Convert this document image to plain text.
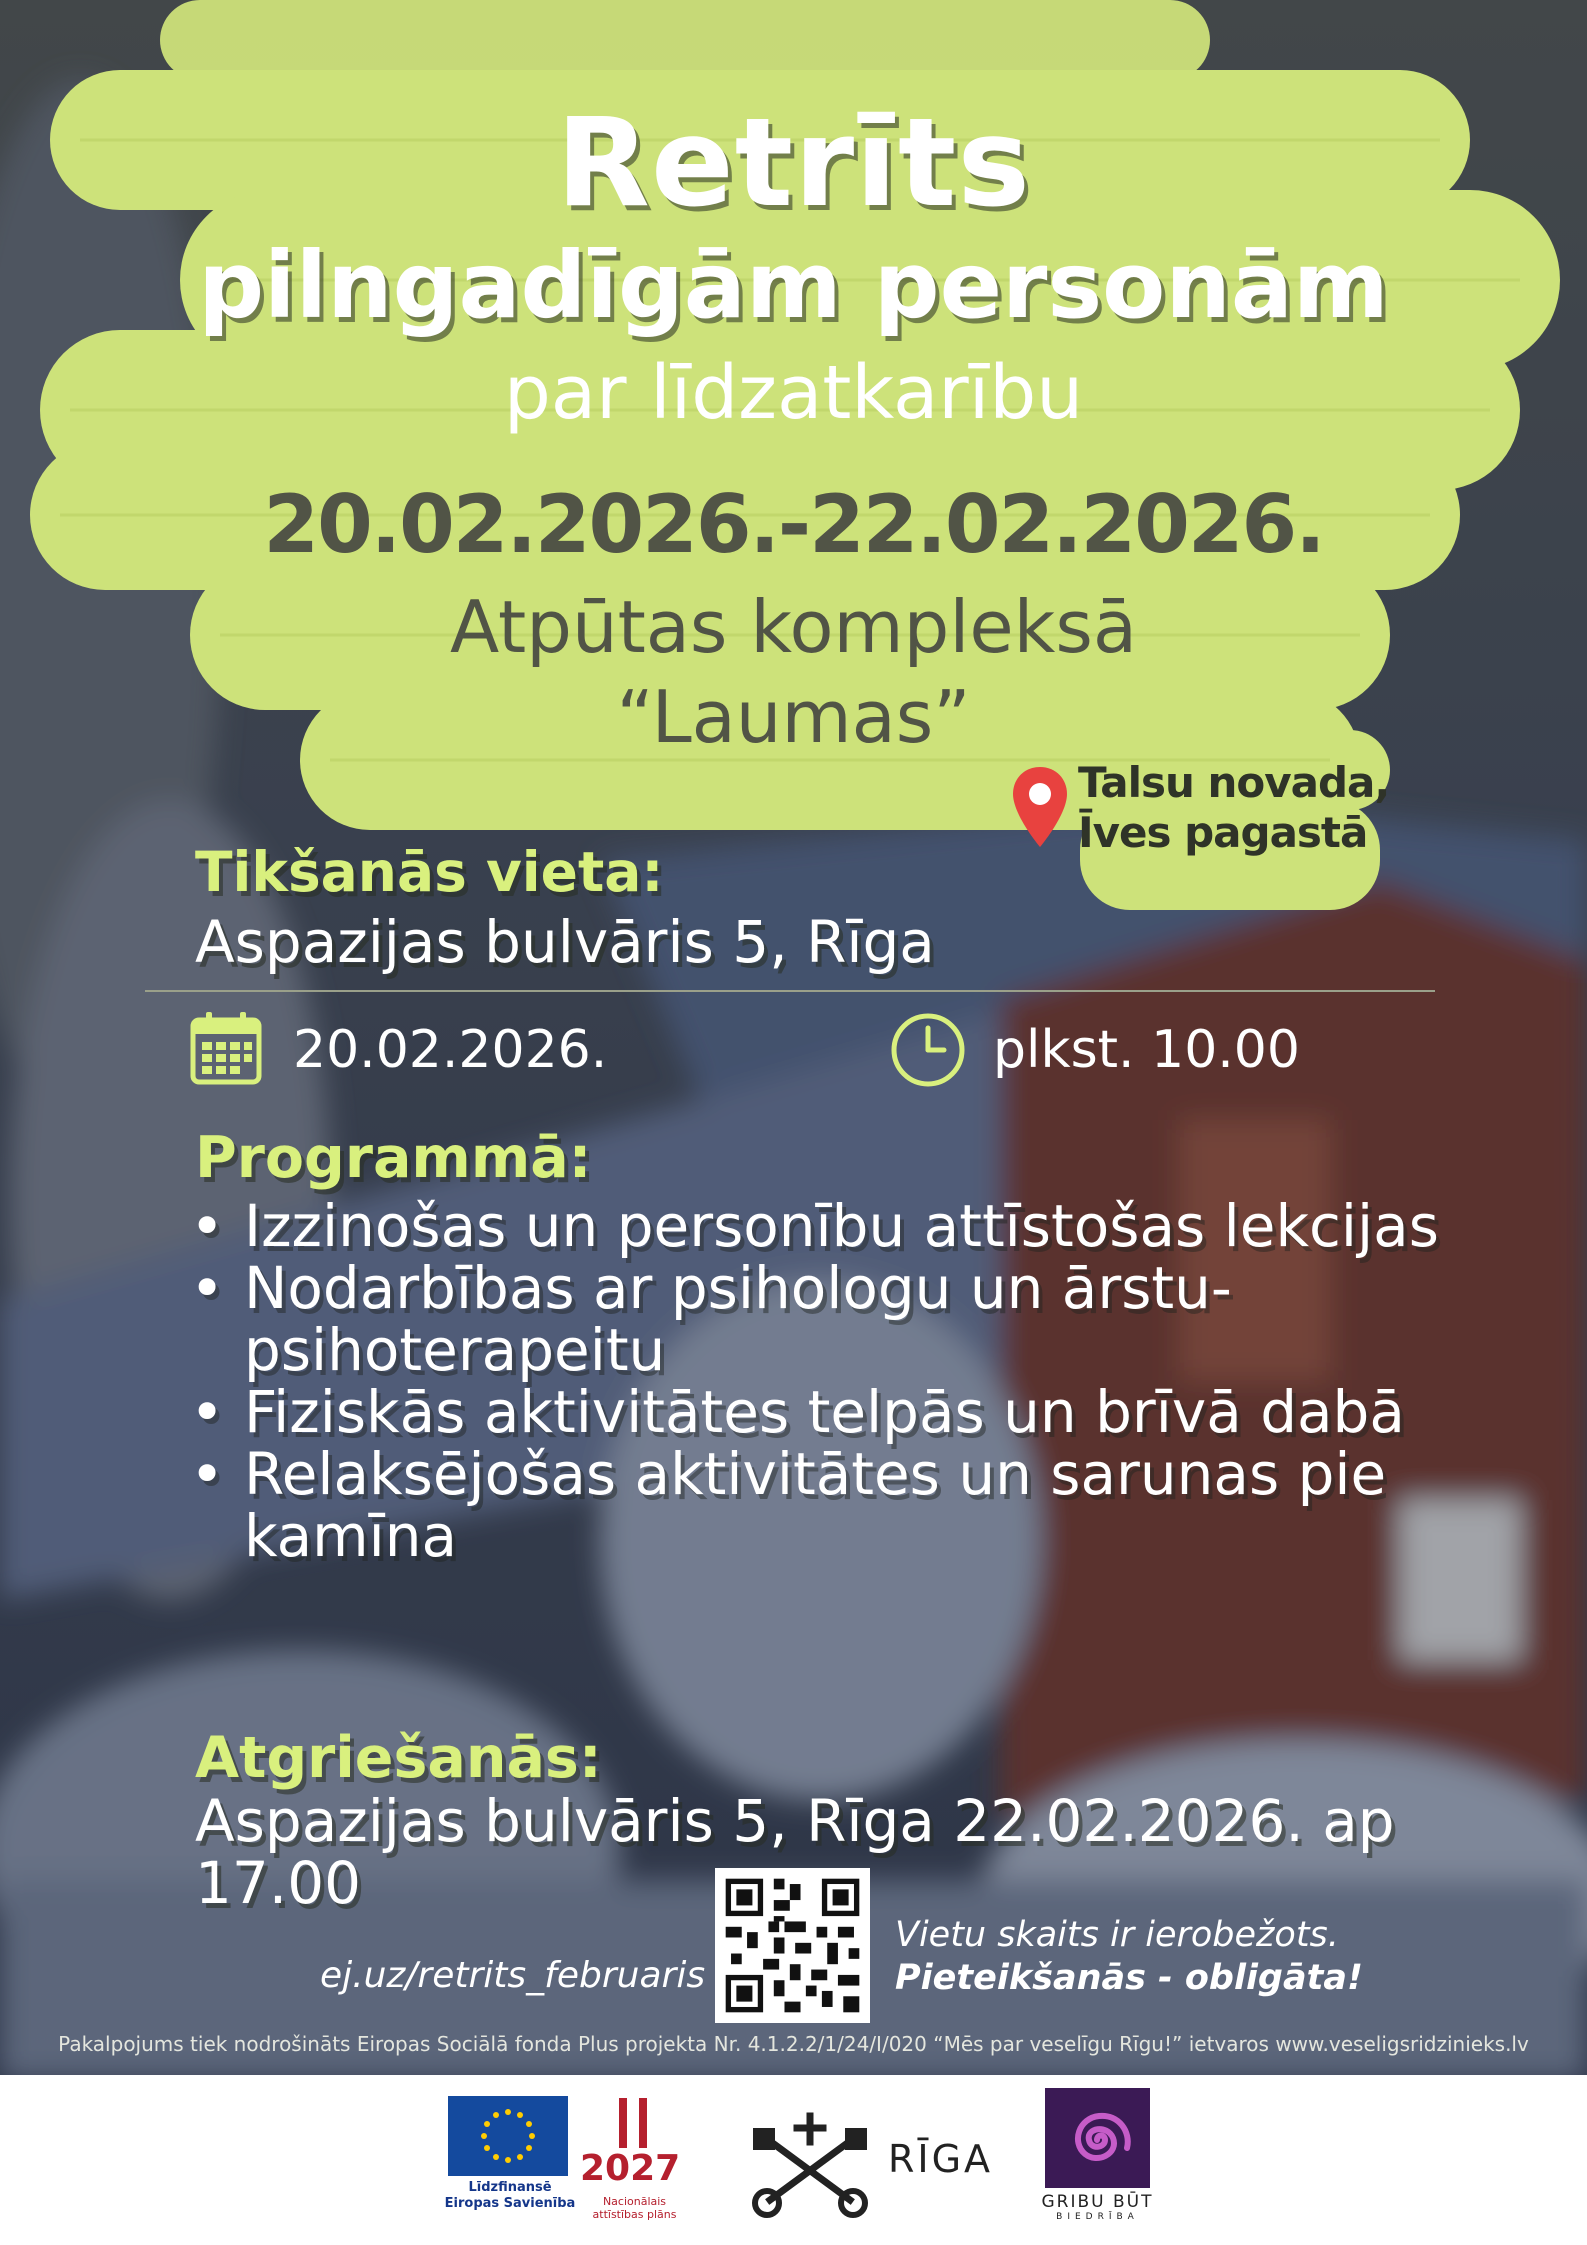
Retrīts
pilngadīgām personām
par līdzatkarību
20.02.2026.-22.02.2026.
Atpūtas kompleksā
“Laumas”
Talsu novada,
Īves pagastā
Tikšanās vieta:
Aspazijas bulvāris 5, Rīga
20.02.2026.	plkst. 10.00
Programmā:
• Izzinošas un personību attīstošas lekcijas
• Nodarbības ar psihologu un ārstu-psihoterapeitu
• Fiziskās aktivitātes telpās un brīvā dabā
• Relaksējošas aktivitātes un sarunas pie kamīna
Atgriešanās:
Aspazijas bulvāris 5, Rīga 22.02.2026. ap 17.00
ej.uz/retrits_februaris
Vietu skaits ir ierobežots.
Pieteikšanās - obligāta!
Pakalpojums tiek nodrošināts Eiropas Sociālā fonda Plus projekta Nr. 4.1.2.2/1/24/I/020 “Mēs par veselīgu Rīgu!” ietvaros www.veseligsridzinieks.lv
Līdzfinansē
Eiropas Savienība
2027
Nacionālais
attīstības plāns
RĪGA
GRIBU BŪT
BIEDRĪBA
